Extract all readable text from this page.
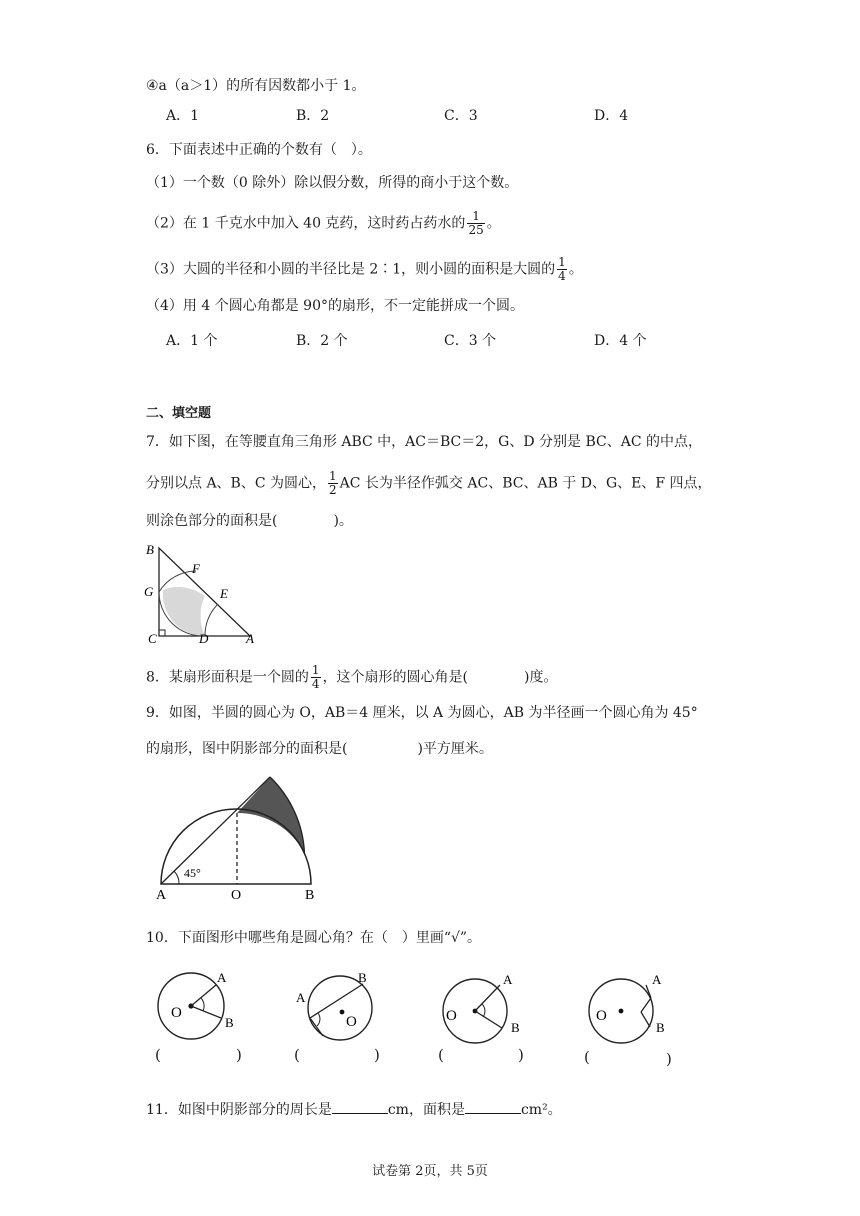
④a（a＞1）的所有因数都小于 1。
A．1	B．2	C．3	D．4
6．下面表述中正确的个数有（　）。
（1）一个数（0 除外）除以假分数，所得的商小于这个数。
（2）在 1 千克水中加入 40 克药，这时药占药水的 $\frac{1}{25}$ 。
（3）大圆的半径和小圆的半径比是 2∶1，则小圆的面积是大圆的 $\frac{1}{4}$ 。
（4）用 4 个圆心角都是 90°的扇形，不一定能拼成一个圆。
A．1 个	B．2 个	C．3 个	D．4 个
二、填空题
7．如下图，在等腰直角三角形 ABC 中，AC＝BC＝2，G、D 分别是 BC、AC 的中点，
分别以点 A、B、C 为圆心， $\frac{1}{2}$ AC 长为半径作弧交 AC、BC、AB 于 D、G、E、F 四点，
则涂色部分的面积是(　　　　)。
B
G
F
E
C	D	A
8．某扇形面积是一个圆的 $\frac{1}{4}$ ，这个扇形的圆心角是(　　　　)度。
9．如图，半圆的圆心为 O，AB＝4 厘米，以 A 为圆心，AB 为半径画一个圆心角为 45°
的扇形，图中阴影部分的面积是(　　　　　)平方厘米。
45°
A	O	B
10．下面图形中哪些角是圆心角？在（　）里画“√”。
O
A
B	O
A
B
O
A
B
O
A
B
(	)	(	)	(	)	(	)
11．如图中阴影部分的周长是	cm，面积是	cm²。
试卷第 2页，共 5页
